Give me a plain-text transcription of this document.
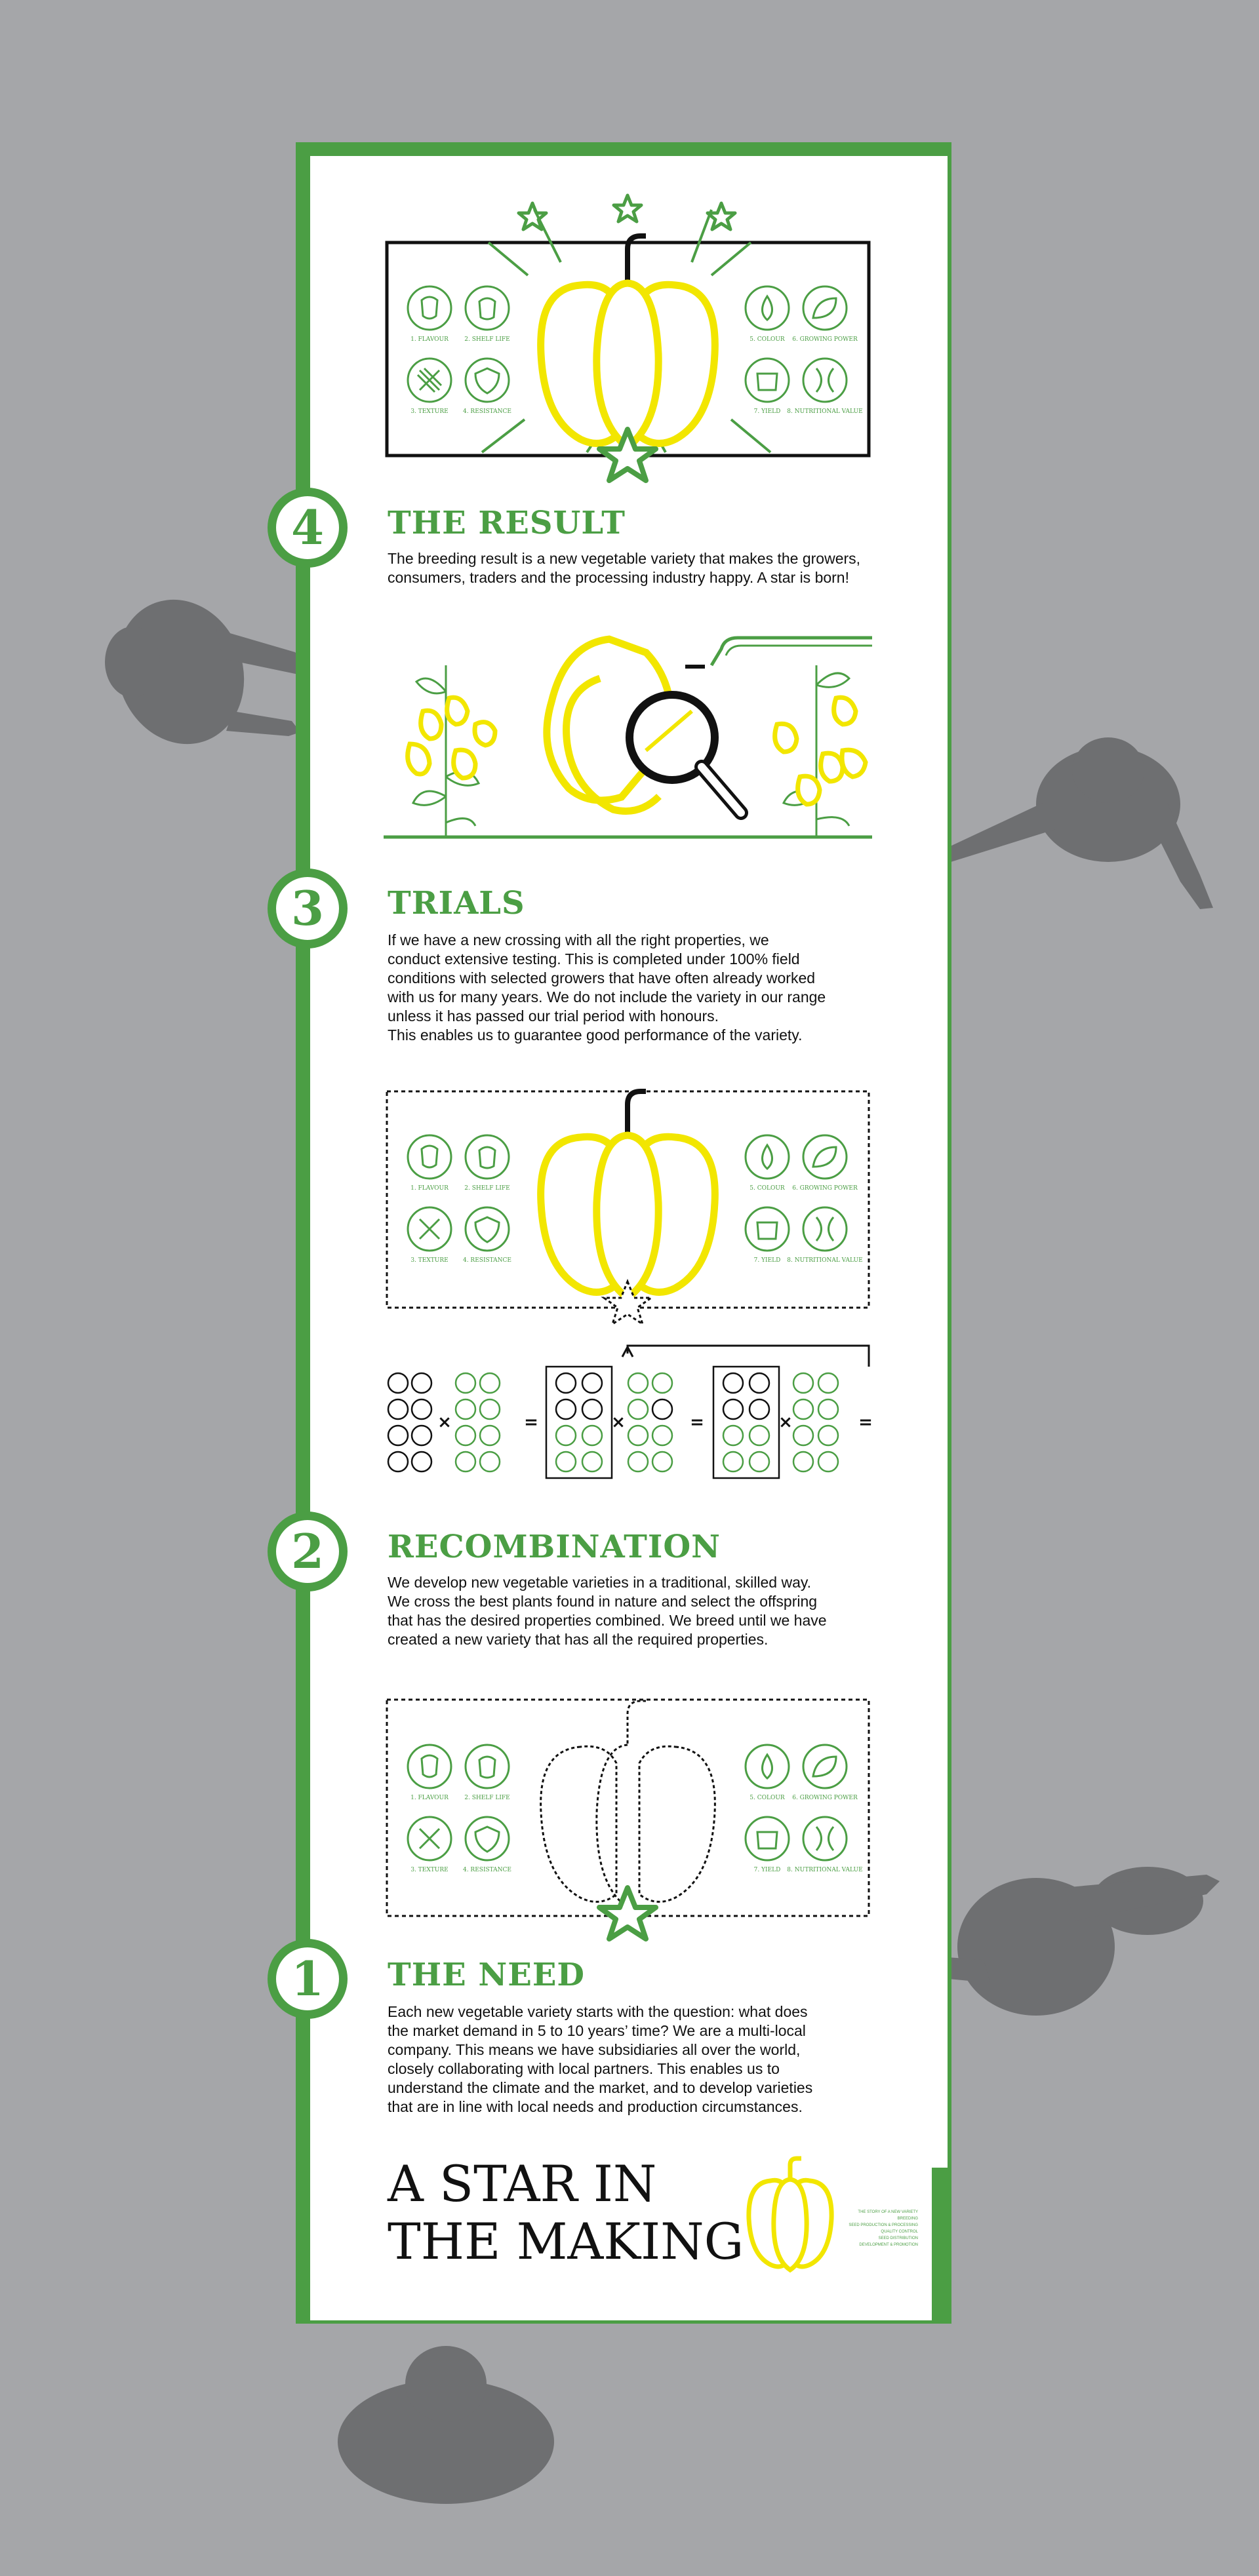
1. FLAVOUR	2. SHELF LIFE
3. TEXTURE 4. RESISTANCE
5. COLOUR 6. GROWING POWER
7. YIELD 8. NUTRITIONAL VALUE
4	THE RESULT
The breeding result is a new vegetable variety that makes the growers,
consumers, traders and the processing industry happy. A star is born!
3	TRIALS
If we have a new crossing with all the right properties, we
conduct extensive testing. This is completed under 100% field
conditions with selected growers that have often already worked
with us for many years. We do not include the variety in our range
unless it has passed our trial period with honours.
This enables us to guarantee good performance of the variety.
1. FLAVOUR	2. SHELF LIFE
3. TEXTURE 4. RESISTANCE
5. COLOUR 6. GROWING POWER
7. YIELD 8. NUTRITIONAL VALUE
×	=	×	=	×	=
2	RECOMBINATION
We develop new vegetable varieties in a traditional, skilled way.
We cross the best plants found in nature and select the offspring
that has the desired properties combined. We breed until we have
created a new variety that has all the required properties.
1. FLAVOUR	2. SHELF LIFE
3. TEXTURE 4. RESISTANCE
5. COLOUR 6. GROWING POWER
7. YIELD 8. NUTRITIONAL VALUE
1	THE NEED
Each new vegetable variety starts with the question: what does
the market demand in 5 to 10 years’ time? We are a multi-local
company. This means we have subsidiaries all over the world,
closely collaborating with local partners. This enables us to
understand the climate and the market, and to develop varieties
that are in line with local needs and production circumstances.
A STAR IN
THE MAKING	THE STORY OF A NEW VARIETY
BREEDING
SEED PRODUCTION & PROCESSING
QUALITY CONTROL
SEED DISTRIBUTION
DEVELOPMENT & PROMOTION
